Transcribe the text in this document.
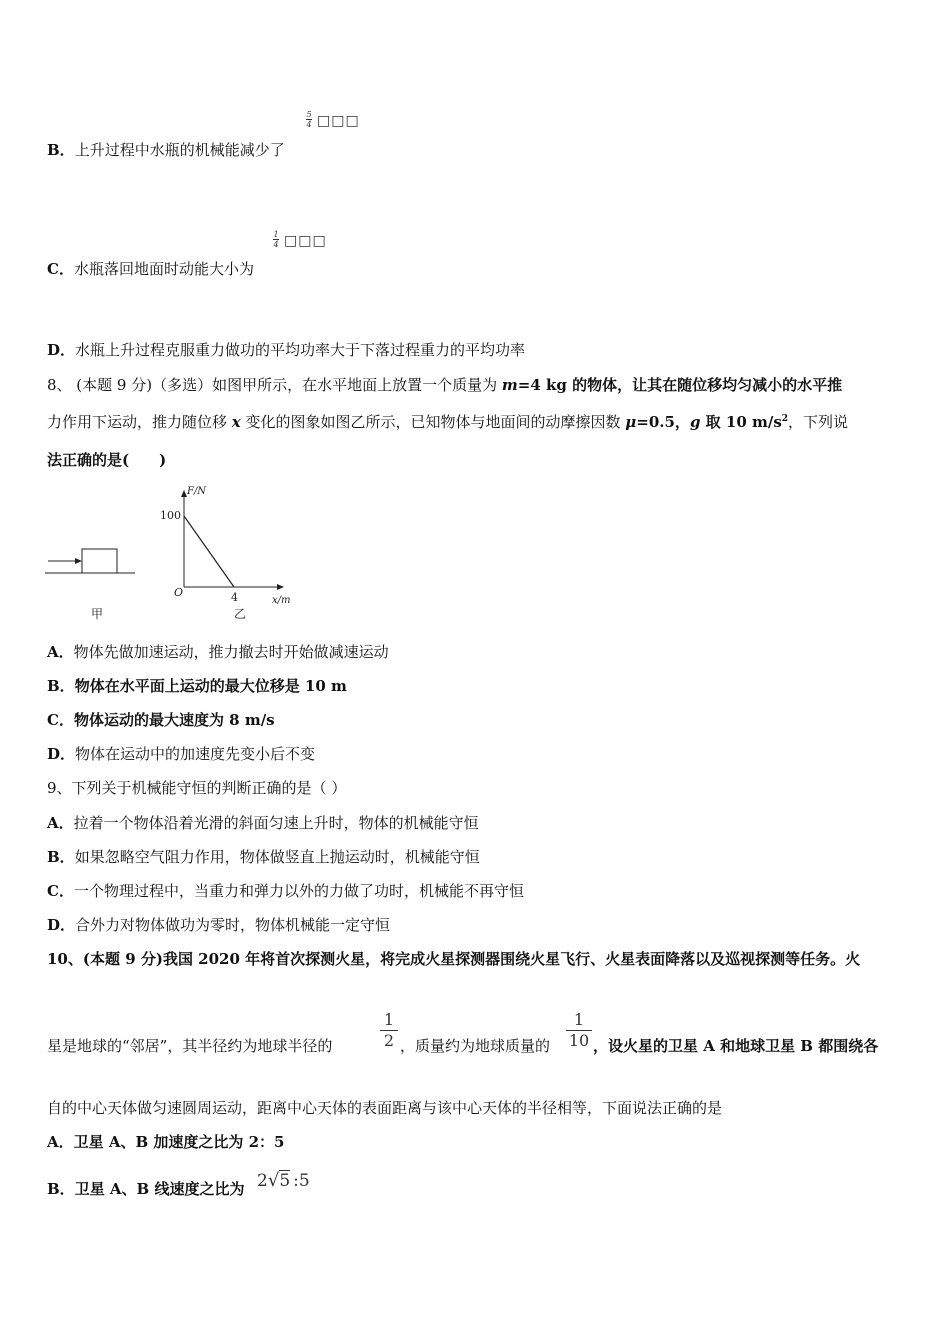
5
4 □□□
B．上升过程中水瓶的机械能减少了
1
4 □□□
C．水瓶落回地面时动能大小为
D．水瓶上升过程克服重力做功的平均功率大于下落过程重力的平均功率
8、 (本题 9 分)（多选）如图甲所示，在水平地面上放置一个质量为 m=4 kg 的物体，让其在随位移均匀减小的水平推
力作用下运动，推力随位移 x 变化的图象如图乙所示，已知物体与地面间的动摩擦因数 μ=0.5，g 取 10 $m/s^2$，下列说
法正确的是(　　)
甲
F/N
x/m
O
100
4
乙
A．物体先做加速运动，推力撤去时开始做减速运动
B．物体在水平面上运动的最大位移是 10 m
C．物体运动的最大速度为 8 m/s
D．物体在运动中的加速度先变小后不变
9、下列关于机械能守恒的判断正确的是（ ）
A．拉着一个物体沿着光滑的斜面匀速上升时，物体的机械能守恒
B．如果忽略空气阻力作用，物体做竖直上抛运动时，机械能守恒
C．一个物理过程中，当重力和弹力以外的力做了功时，机械能不再守恒
D．合外力对物体做功为零时，物体机械能一定守恒
10、(本题 9 分)我国 2020 年将首次探测火星，将完成火星探测器围绕火星飞行、火星表面降落以及巡视探测等任务。火
星是地球的“邻居”，其半径约为地球半径的
1
2 ，质量约为地球质量的
1
10 ，设火星的卫星 A 和地球卫星 B 都围绕各
自的中心天体做匀速圆周运动，距离中心天体的表面距离与该中心天体的半径相等，下面说法正确的是
A．卫星 A、B 加速度之比为 2：5
B．卫星 A、B 线速度之比为 2√5 :5
